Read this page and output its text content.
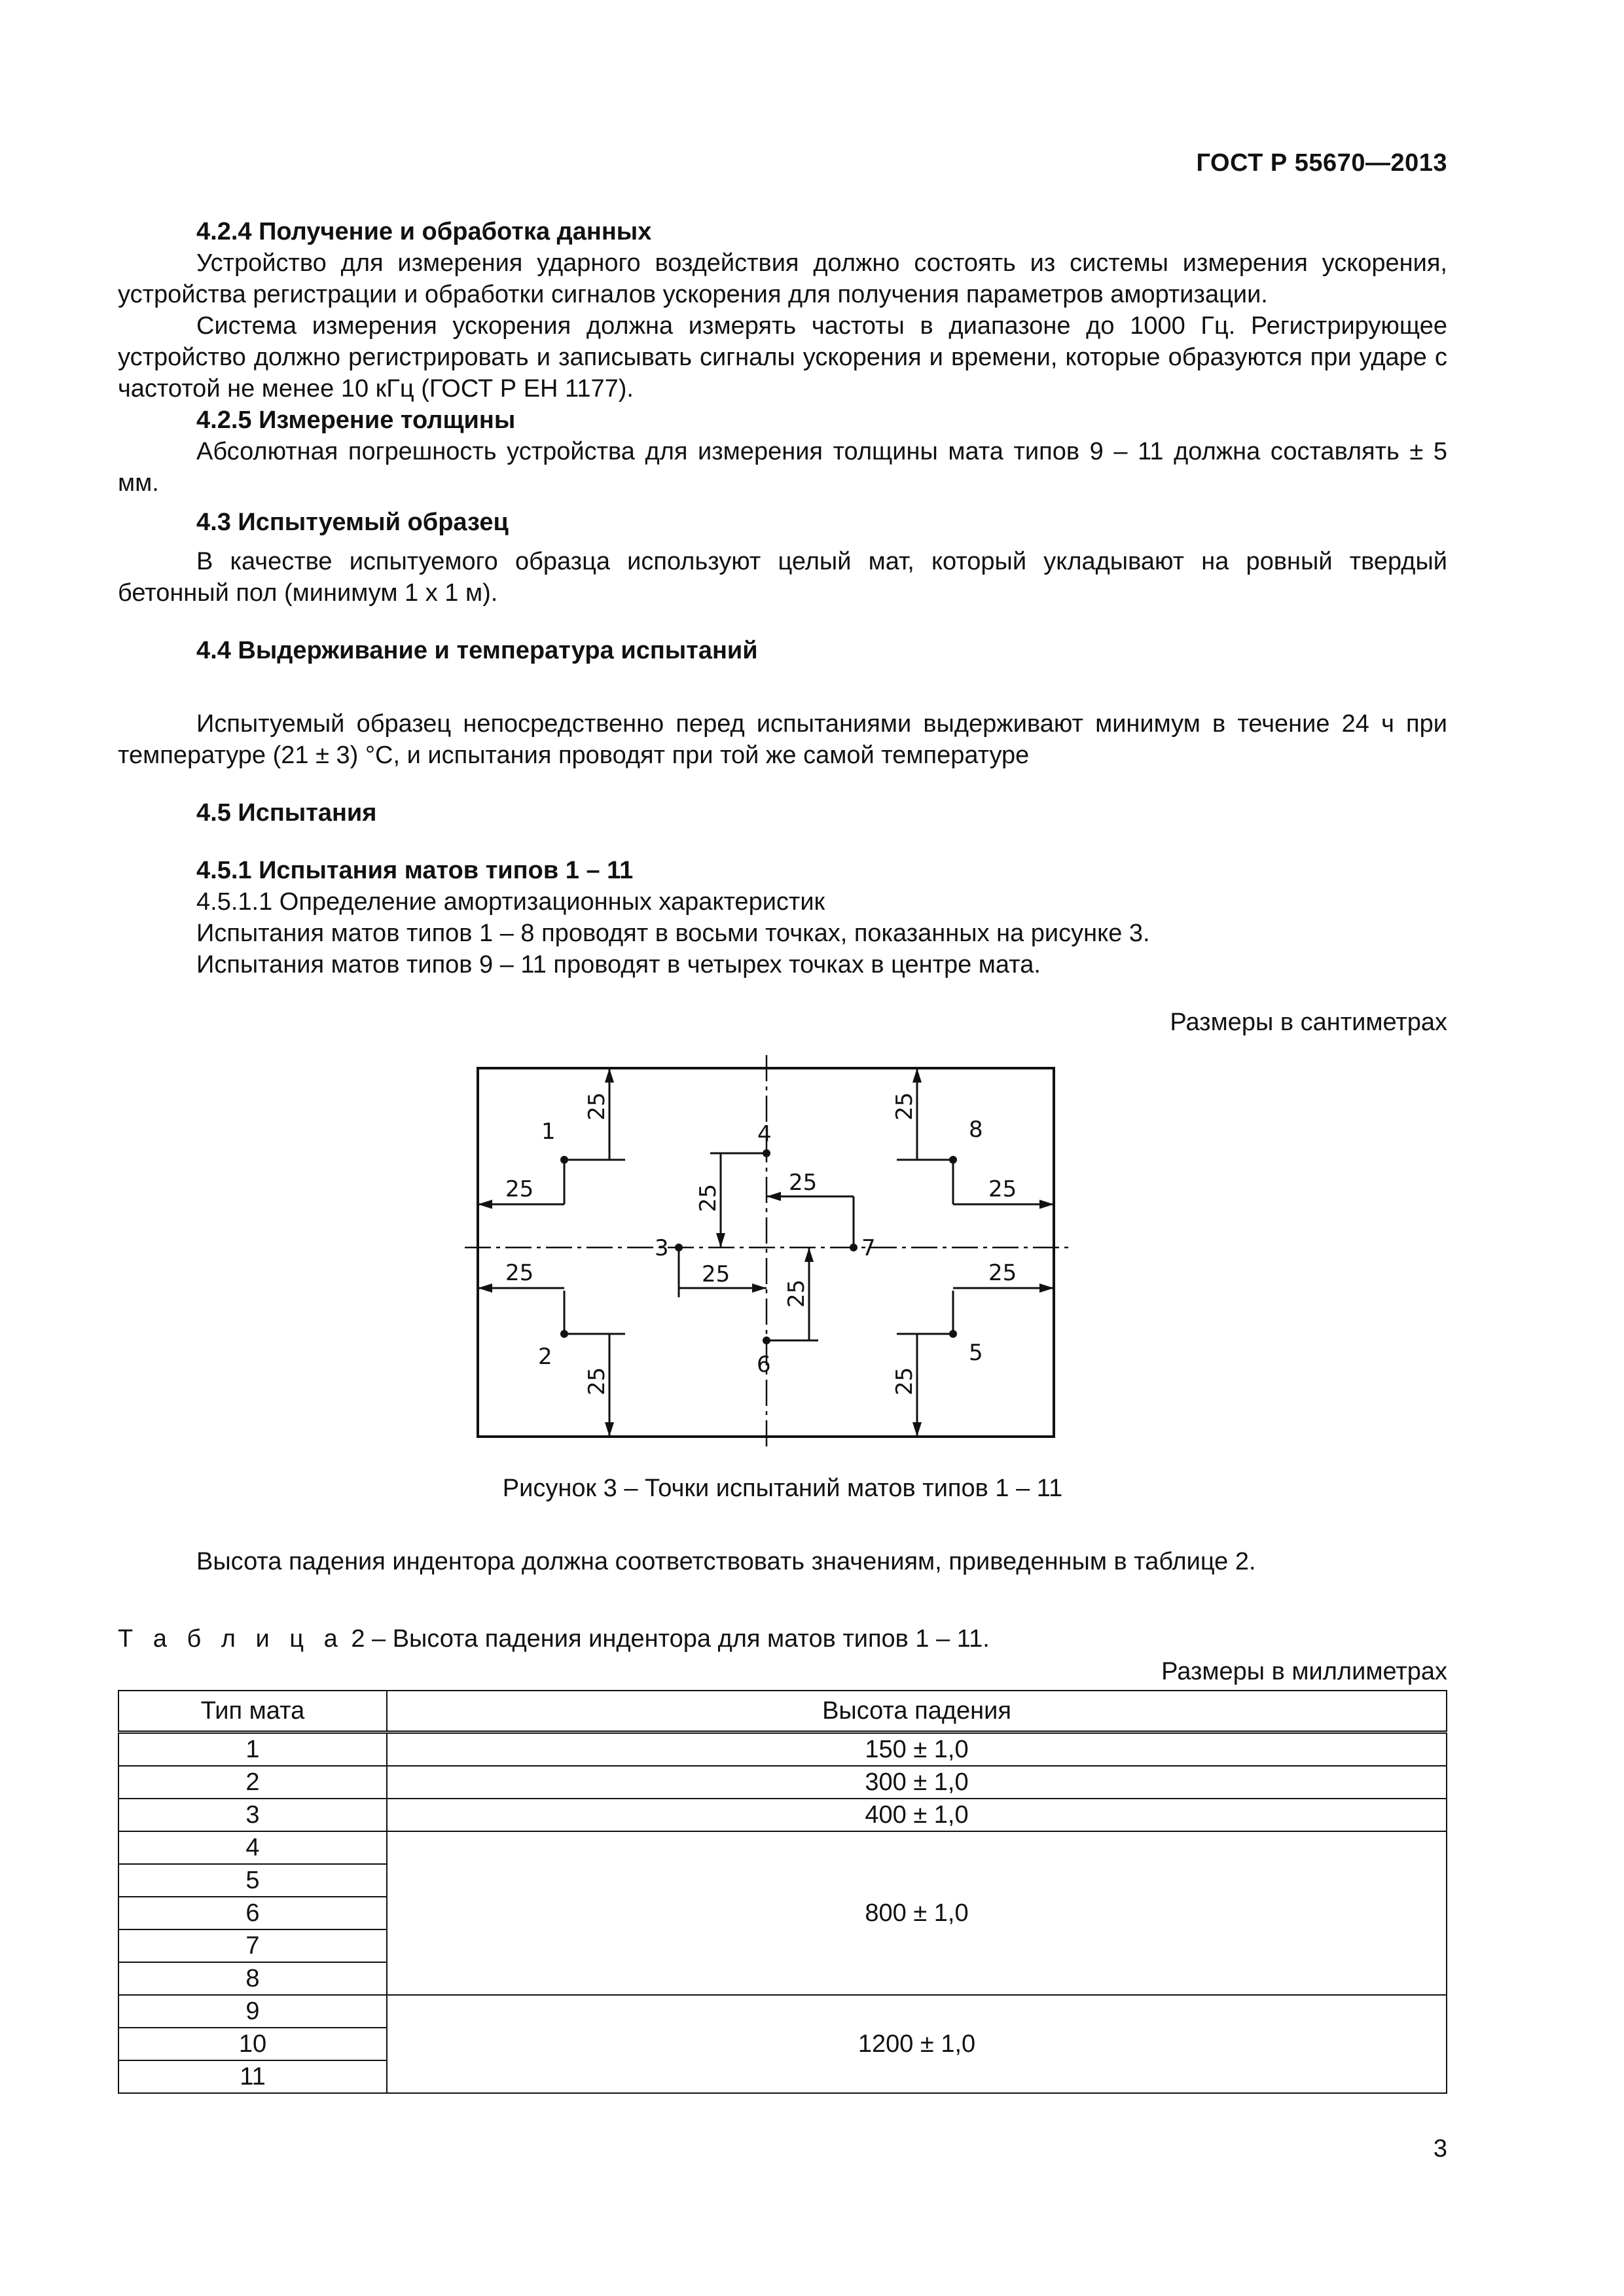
ГОСТ Р 55670—2013
4.2.4 Получение и обработка данных

Устройство для измерения ударного воздействия должно состоять из системы измерения ускорения, устройства регистрации и обработки сигналов ускорения для получения параметров амортизации.

Система измерения ускорения должна измерять частоты в диапазоне до 1000 Гц. Регистрирующее устройство должно регистрировать и записывать сигналы ускорения и времени, которые образуются при ударе с частотой не менее 10 кГц (ГОСТ Р ЕН 1177).

4.2.5 Измерение толщины

Абсолютная погрешность устройства для измерения толщины мата типов 9 – 11 должна составлять ± 5 мм.

4.3 Испытуемый образец

В качестве испытуемого образца используют целый мат, который укладывают на ровный твердый бетонный пол (минимум 1 х 1 м).

4.4 Выдерживание и температура испытаний

Испытуемый образец непосредственно перед испытаниями выдерживают минимум в течение 24 ч при температуре (21 ± 3) °С, и испытания проводят при той же самой температуре

4.5 Испытания
4.5.1 Испытания матов типов 1 – 11

4.5.1.1 Определение амортизационных характеристик

Испытания матов типов 1 – 8 проводят в восьми точках, показанных на рисунке 3.

Испытания матов типов 9 – 11 проводят в четырех точках в центре мата.

Размеры в сантиметрах

1
2
3
4
5
6
7
8
25
25
25
25
25
25
25
25
25
25
25
25

Рисунок 3 – Точки испытаний матов типов 1 – 11

Высота падения индентора должна соответствовать значениям, приведенным в таблице 2.

Т а б л и ц а 2 – Высота падения индентора для матов типов 1 – 11.

Размеры в миллиметрах

Тип мата	Высота падения
1	150 ± 1,0
2	300 ± 1,0
3	400 ± 1,0
4	800 ± 1,0
5	
6	
7	
8	
9	1200 ± 1,0
10	
11	
3
